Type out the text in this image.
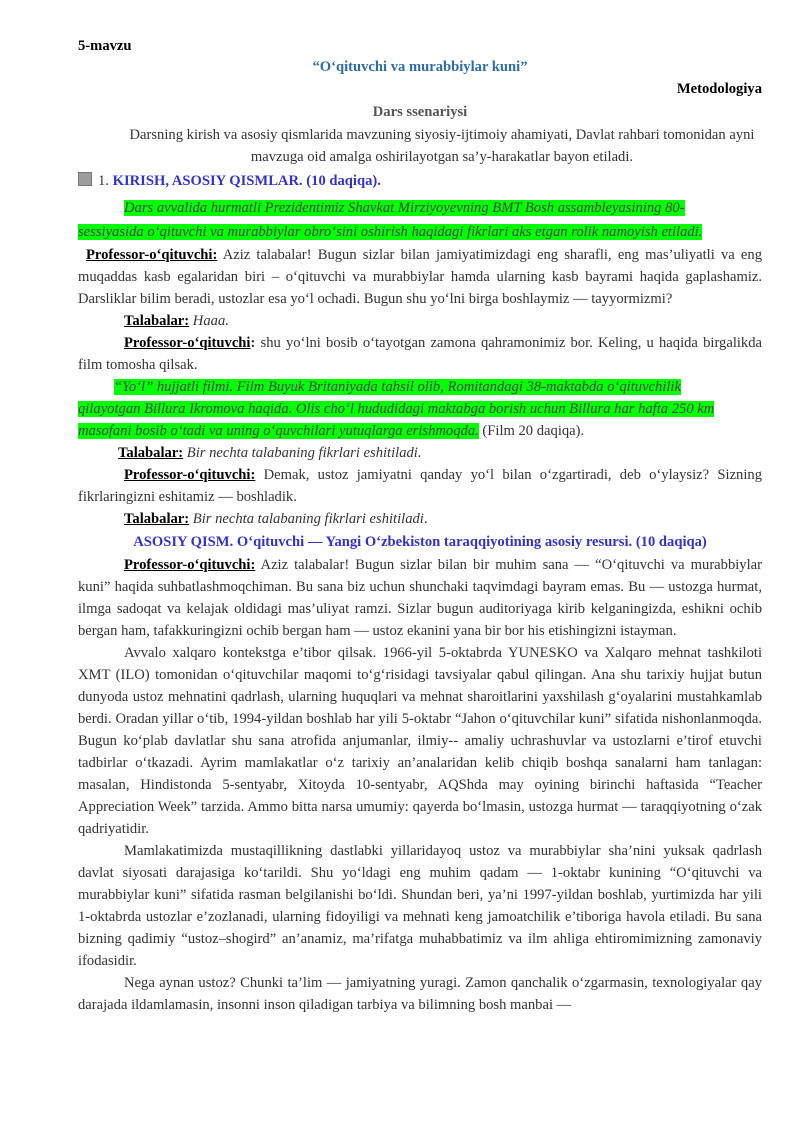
5-mavzu

“O‘qituvchi va murabbiylar kuni”

Metodologiya

Dars ssenariysi

Darsning kirish va asosiy qismlarida mavzuning siyosiy-ijtimoiy ahamiyati, Davlat rahbari tomonidan ayni mavzuga oid amalga oshirilayotgan sa’y-harakatlar bayon etiladi.

1. KIRISH, ASOSIY QISMLAR. (10 daqiqa).

Dars avvalida hurmatli Prezidentimiz Shavkat Mirziyoyevning BMT Bosh assambleyasining 80-

sessiyasida o‘qituvchi va murabbiylar obro‘sini oshirish haqidagi fikrlari aks etgan rolik namoyish etiladi.

Professor-o‘qituvchi: Aziz talabalar! Bugun sizlar bilan jamiyatimizdagi eng sharafli, eng mas’uliyatli va eng muqaddas kasb egalaridan biri – o‘qituvchi va murabbiylar hamda ularning kasb bayrami haqida gaplashamiz. Darsliklar bilim beradi, ustozlar esa yo‘l ochadi. Bugun shu yo‘lni birga boshlaymiz — tayyormizmi?

Talabalar: Haaa.

Professor-o‘qituvchi: shu yo‘lni bosib o‘tayotgan zamona qahramonimiz bor. Keling, u haqida birgalikda film tomosha qilsak.

“Yo‘l” hujjatli filmi. Film Buyuk Britaniyada tahsil olib, Romitandagi 38-maktabda o‘qituvchilik

qilayotgan Billura Ikromova haqida. Olis cho‘l hududidagi maktabga borish uchun Billura har hafta 250 km

masofani bosib o‘tadi va uning o‘quvchilari yutuqlarga erishmoqda. (Film 20 daqiqa).

Talabalar: Bir nechta talabaning fikrlari eshitiladi.

Professor-o‘qituvchi: Demak, ustoz jamiyatni qanday yo‘l bilan o‘zgartiradi, deb o‘ylaysiz? Sizning fikrlaringizni eshitamiz — boshladik.

Talabalar: Bir nechta talabaning fikrlari eshitiladi.

ASOSIY QISM. O‘qituvchi — Yangi O‘zbekiston taraqqiyotining asosiy resursi. (10 daqiqa)

Professor-o‘qituvchi: Aziz talabalar! Bugun sizlar bilan bir muhim sana — “O‘qituvchi va murabbiylar kuni” haqida suhbatlashmoqchiman. Bu sana biz uchun shunchaki taqvimdagi bayram emas. Bu — ustozga hurmat, ilmga sadoqat va kelajak oldidagi mas’uliyat ramzi. Sizlar bugun auditoriyaga kirib kelganingizda, eshikni ochib bergan ham, tafakkuringizni ochib bergan ham — ustoz ekanini yana bir bor his etishingizni istayman.

Avvalo xalqaro kontekstga e’tibor qilsak. 1966-yil 5-oktabrda YUNESKO va Xalqaro mehnat tashkiloti XMT (ILO) tomonidan o‘qituvchilar maqomi to‘g‘risidagi tavsiyalar qabul qilingan. Ana shu tarixiy hujjat butun dunyoda ustoz mehnatini qadrlash, ularning huquqlari va mehnat sharoitlarini yaxshilash g‘oyalarini mustahkamlab berdi. Oradan yillar o‘tib, 1994-yildan boshlab har yili 5-oktabr “Jahon o‘qituvchilar kuni” sifatida nishonlanmoqda. Bugun ko‘plab davlatlar shu sana atrofida anjumanlar, ilmiy-- amaliy uchrashuvlar va ustozlarni e’tirof etuvchi tadbirlar o‘tkazadi. Ayrim mamlakatlar o‘z tarixiy an’analaridan kelib chiqib boshqa sanalarni ham tanlagan: masalan, Hindistonda 5-sentyabr, Xitoyda 10-sentyabr, AQShda may oyining birinchi haftasida “Teacher Appreciation Week” tarzida. Ammo bitta narsa umumiy: qayerda bo‘lmasin, ustozga hurmat — taraqqiyotning o‘zak qadriyatidir.

Mamlakatimizda mustaqillikning dastlabki yillaridayoq ustoz va murabbiylar sha’nini yuksak qadrlash davlat siyosati darajasiga ko‘tarildi. Shu yo‘ldagi eng muhim qadam — 1-oktabr kunining “O‘qituvchi va murabbiylar kuni” sifatida rasman belgilanishi bo‘ldi. Shundan beri, ya’ni 1997-yildan boshlab, yurtimizda har yili 1-oktabrda ustozlar e’zozlanadi, ularning fidoyiligi va mehnati keng jamoatchilik e’tiboriga havola etiladi. Bu sana bizning qadimiy “ustoz–shogird” an’anamiz, ma’rifatga muhabbatimiz va ilm ahliga ehtiromimizning zamonaviy ifodasidir.

Nega aynan ustoz? Chunki ta’lim — jamiyatning yuragi. Zamon qanchalik o‘zgarmasin, texnologiyalar qay darajada ildamlamasin, insonni inson qiladigan tarbiya va bilimning bosh manbai —
